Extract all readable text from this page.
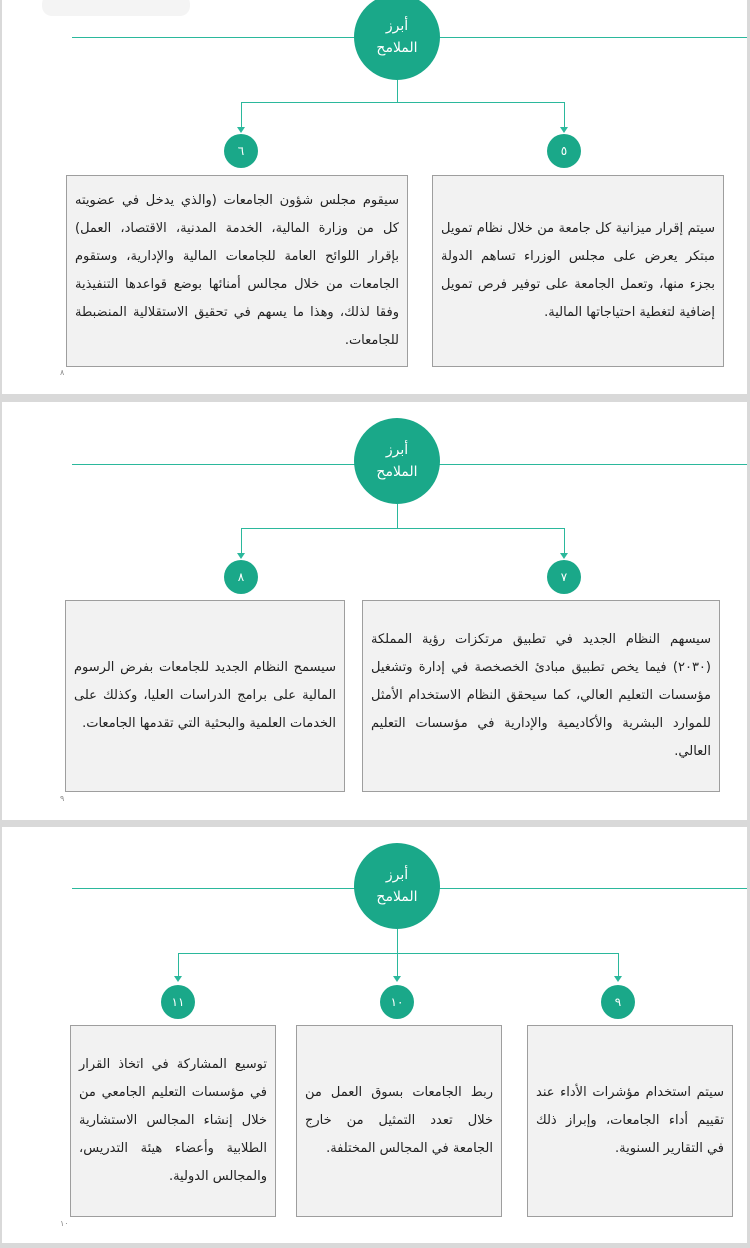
أبرز
الملامح
٦	٥

سيقوم مجلس شؤون الجامعات (والذي يدخل في عضويته كل من وزارة المالية، الخدمة المدنية، الاقتصاد، العمل) بإقرار اللوائح العامة للجامعات المالية والإدارية، وستقوم الجامعات من خلال مجالس أمنائها بوضع قواعدها التنفيذية وفقا لذلك، وهذا ما يسهم في تحقيق الاستقلالية المنضبطة للجامعات.

سيتم إقرار ميزانية كل جامعة من خلال نظام تمويل مبتكر يعرض على مجلس الوزراء تساهم الدولة بجزء منها، وتعمل الجامعة على توفير فرص تمويل إضافية لتغطية احتياجاتها المالية.

٨
أبرز
الملامح
٨	٧

سيسمح النظام الجديد للجامعات بفرض الرسوم المالية على برامج الدراسات العليا، وكذلك على الخدمات العلمية والبحثية التي تقدمها الجامعات.

سيسهم النظام الجديد في تطبيق مرتكزات رؤية المملكة (٢٠٣٠) فيما يخص تطبيق مبادئ الخصخصة في إدارة وتشغيل مؤسسات التعليم العالي، كما سيحقق النظام الاستخدام الأمثل للموارد البشرية والأكاديمية والإدارية في مؤسسات التعليم العالي.

٩
أبرز
الملامح
١١	١٠	٩

توسيع المشاركة في اتخاذ القرار في مؤسسات التعليم الجامعي من خلال إنشاء المجالس الاستشارية الطلابية وأعضاء هيئة التدريس، والمجالس الدولية.

ربط الجامعات بسوق العمل من خلال تعدد التمثيل من خارج الجامعة في المجالس المختلفة.

سيتم استخدام مؤشرات الأداء عند تقييم أداء الجامعات، وإبراز ذلك في التقارير السنوية.

١٠
